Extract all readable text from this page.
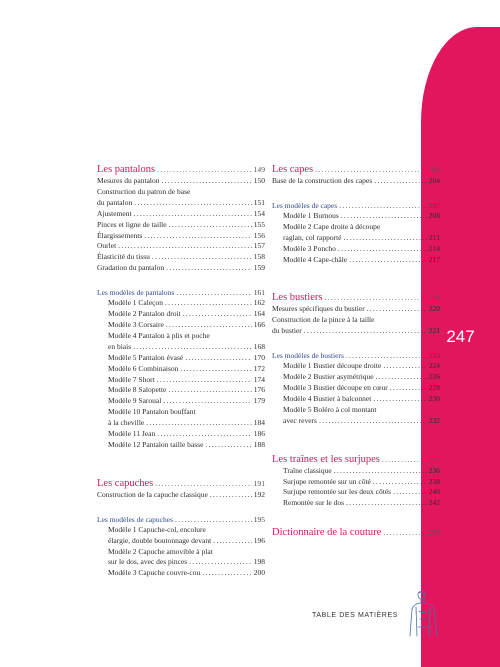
247
Les pantalons . . .	149
Mesures du pantalon . . .	150
Construction du patron de base
du pantalon . . .	151
Ajustement . . .	154
Pinces et ligne de taille . . .	155
Élargissements . . .	156
Ourlet . . .	157
Élasticité du tissu . . .	158
Gradation du pantalon . . .	159
Les modèles de pantalons . . .	161
Modèle 1 Caleçon . . .	162
Modèle 2 Pantalon droit . . .	164
Modèle 3 Corsaire . . .	166
Modèle 4 Pantalon à plis et poche
en biais . . .	168
Modèle 5 Pantalon évasé . . .	170
Modèle 6 Combinaison . . .	172
Modèle 7 Short . . .	174
Modèle 8 Salopette . . .	176
Modèle 9 Saroual . . .	179
Modèle 10 Pantalon bouffant
à la cheville . . .	184
Modèle 11 Jean . . .	186
Modèle 12 Pantalon taille basse . . .	188
Les capuches . . .	191
Construction de la capuche classique . . .	192
Les modèles de capuches . . .	195
Modèle 1 Capuche-col, encolure
élargie, double boutonnage devant . . .	196
Modèle 2 Capuche amovible à plat
sur le dos, avec des pinces . . .	198
Modèle 3 Capuche couvre-cou . . .	200
Les capes . . .	203
Base de la construction des capes . . .	204
Les modèles de capes . . .	207
Modèle 1 Burnous . . .	208
Modèle 2 Cape droite à découpe
raglan, col rapporté . . .	211
Modèle 3 Poncho . . .	214
Modèle 4 Cape-châle . . .	217
Les bustiers . . .	219
Mesures spécifiques du bustier . . .	220
Construction de la pince à la taille
du bustier . . .	221
Les modèles de bustiers . . .	223
Modèle 1 Bustier découpe droite . . .	224
Modèle 2 Bustier asymétrique . . .	226
Modèle 3 Bustier découpe en cœur . . .	228
Modèle 4 Bustier à balconnet . . .	230
Modèle 5 Boléro à col montant
avec revers . . .	232
Les traînes et les surjupes . . .	235
Traîne classique . . .	236
Surjupe remontée sur un côté . . .	238
Surjupe remontée sur les deux côtés . . .	240
Remontée sur le dos . . .	242
Dictionnaire de la couture . . .	244
TABLE DES MATIÈRES
